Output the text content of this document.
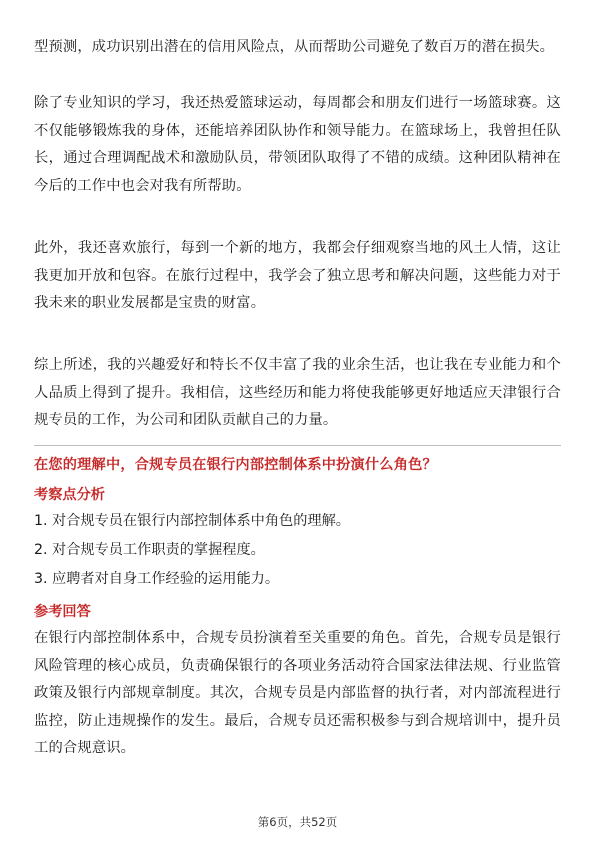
型预测，成功识别出潜在的信用风险点，从而帮助公司避免了数百万的潜在损失。

除了专业知识的学习，我还热爱篮球运动，每周都会和朋友们进行一场篮球赛。这不仅能够锻炼我的身体，还能培养团队协作和领导能力。在篮球场上，我曾担任队长，通过合理调配战术和激励队员，带领团队取得了不错的成绩。这种团队精神在今后的工作中也会对我有所帮助。

此外，我还喜欢旅行，每到一个新的地方，我都会仔细观察当地的风土人情，这让我更加开放和包容。在旅行过程中，我学会了独立思考和解决问题，这些能力对于我未来的职业发展都是宝贵的财富。

综上所述，我的兴趣爱好和特长不仅丰富了我的业余生活，也让我在专业能力和个人品质上得到了提升。我相信，这些经历和能力将使我能够更好地适应天津银行合规专员的工作，为公司和团队贡献自己的力量。

在您的理解中，合规专员在银行内部控制体系中扮演什么角色？

考察点分析

1. 对合规专员在银行内部控制体系中角色的理解。

2. 对合规专员工作职责的掌握程度。

3. 应聘者对自身工作经验的运用能力。

参考回答

在银行内部控制体系中，合规专员扮演着至关重要的角色。首先，合规专员是银行风险管理的核心成员，负责确保银行的各项业务活动符合国家法律法规、行业监管政策及银行内部规章制度。其次，合规专员是内部监督的执行者，对内部流程进行监控，防止违规操作的发生。最后，合规专员还需积极参与到合规培训中，提升员工的合规意识。

第6页，共52页
